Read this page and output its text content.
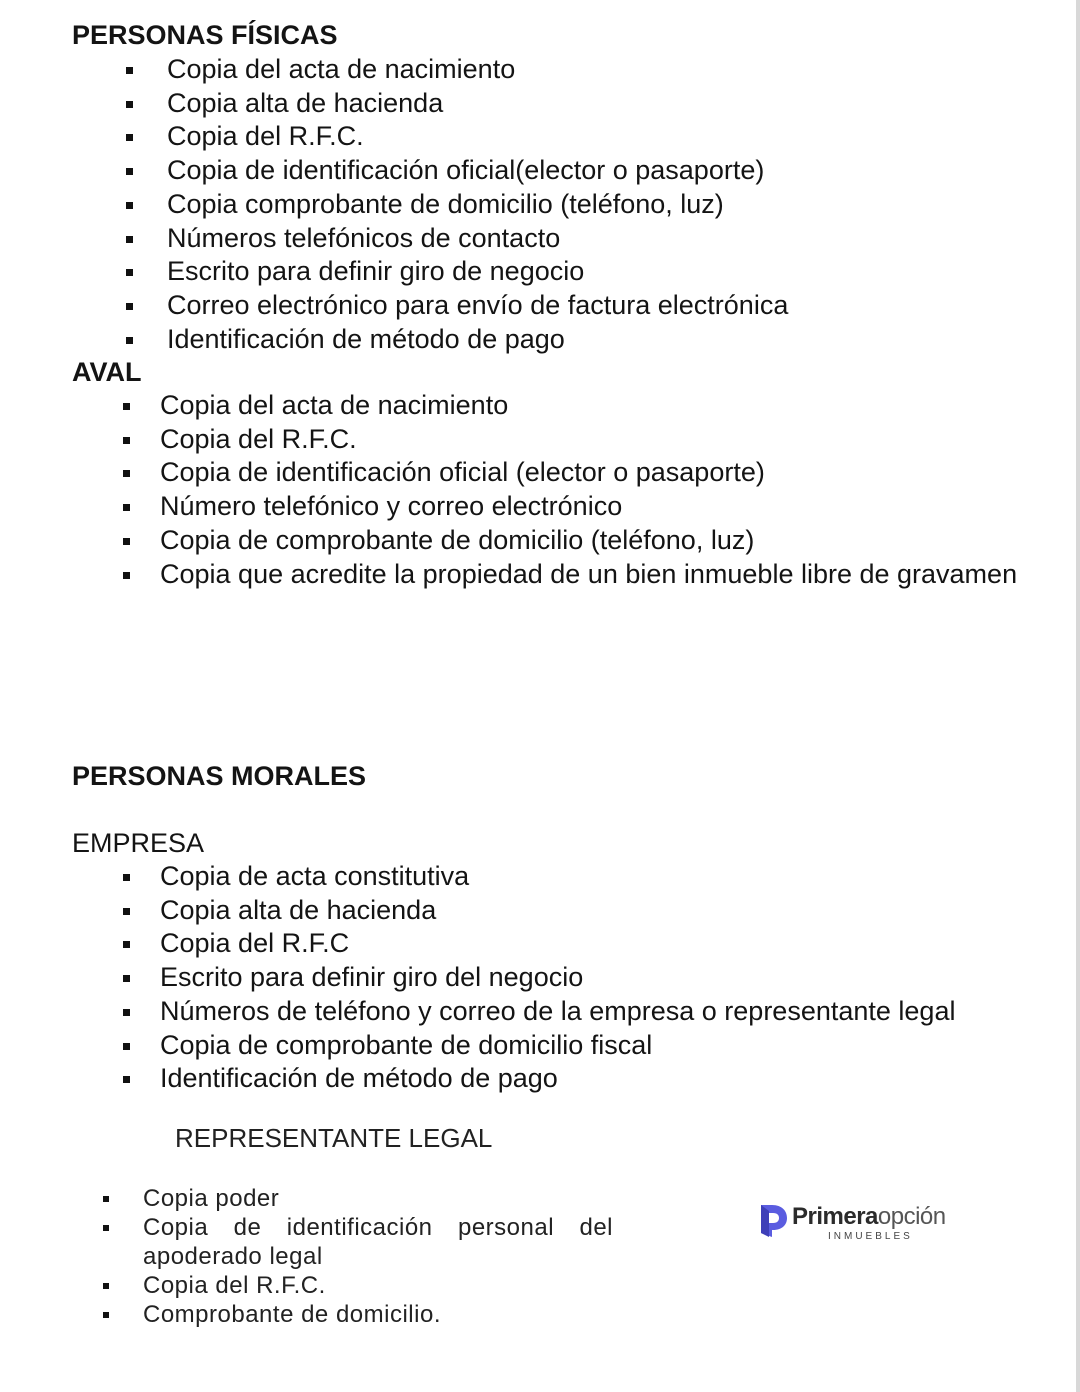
PERSONAS FÍSICAS
Copia del acta de nacimiento
Copia alta de hacienda
Copia del R.F.C.
Copia de identificación oficial(elector o pasaporte)
Copia comprobante de domicilio (teléfono, luz)
Números telefónicos de contacto
Escrito para definir giro de negocio
Correo electrónico para envío de factura electrónica
Identificación de método de pago
AVAL
Copia del acta de nacimiento
Copia del R.F.C.
Copia de identificación oficial (elector o pasaporte)
Número telefónico y correo electrónico
Copia de comprobante de domicilio (teléfono, luz)
Copia que acredite la propiedad de un bien inmueble libre de gravamen
PERSONAS MORALES

EMPRESA

Copia de acta constitutiva
Copia alta de hacienda
Copia del R.F.C
Escrito para definir giro del negocio
Números de teléfono y correo de la empresa o representante legal
Copia de comprobante de domicilio fiscal
Identificación de método de pago

REPRESENTANTE LEGAL

Copia poder
Copia de identificación personal del
apoderado legal
Copia del R.F.C.
Comprobante de domicilio.
Primeraopción
INMUEBLES
